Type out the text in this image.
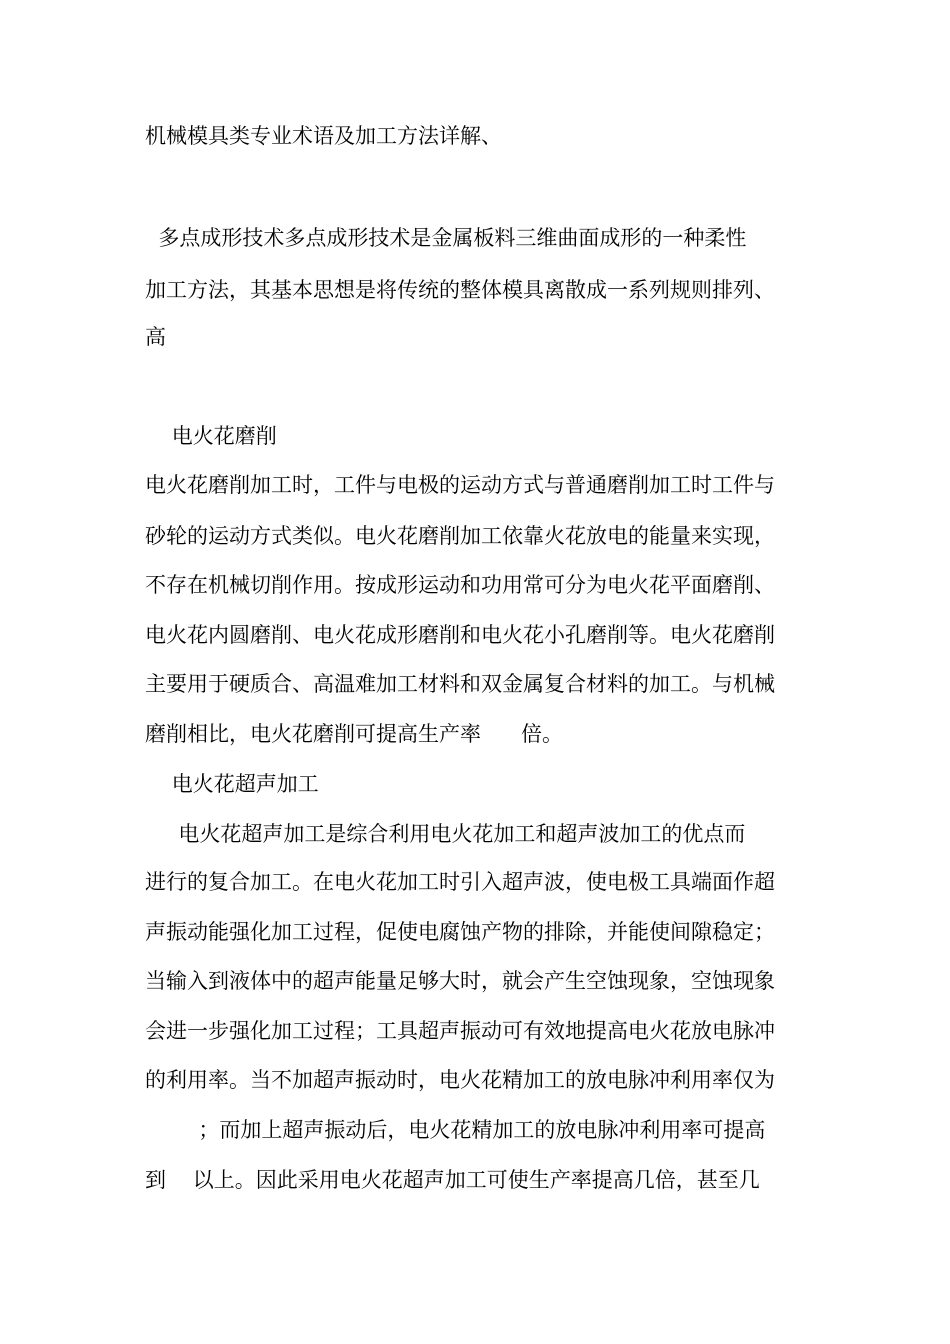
机械模具类专业术语及加工方法详解、
多点成形技术多点成形技术是金属板料三维曲面成形的一种柔性
加工方法，其基本思想是将传统的整体模具离散成一系列规则排列、
高
电火花磨削
电火花磨削加工时，工件与电极的运动方式与普通磨削加工时工件与
砂轮的运动方式类似。电火花磨削加工依靠火花放电的能量来实现，
不存在机械切削作用。按成形运动和功用常可分为电火花平面磨削、
电火花内圆磨削、电火花成形磨削和电火花小孔磨削等。电火花磨削
主要用于硬质合、高温难加工材料和双金属复合材料的加工。与机械
磨削相比，电火花磨削可提高生产率      倍。
电火花超声加工
电火花超声加工是综合利用电火花加工和超声波加工的优点而
进行的复合加工。在电火花加工时引入超声波，使电极工具端面作超
声振动能强化加工过程，促使电腐蚀产物的排除，并能使间隙稳定；
当输入到液体中的超声能量足够大时，就会产生空蚀现象，空蚀现象
会进一步强化加工过程；工具超声振动可有效地提高电火花放电脉冲
的利用率。当不加超声振动时，电火花精加工的放电脉冲利用率仅为
；而加上超声振动后，电火花精加工的放电脉冲利用率可提高
到    以上。因此采用电火花超声加工可使生产率提高几倍，甚至几
